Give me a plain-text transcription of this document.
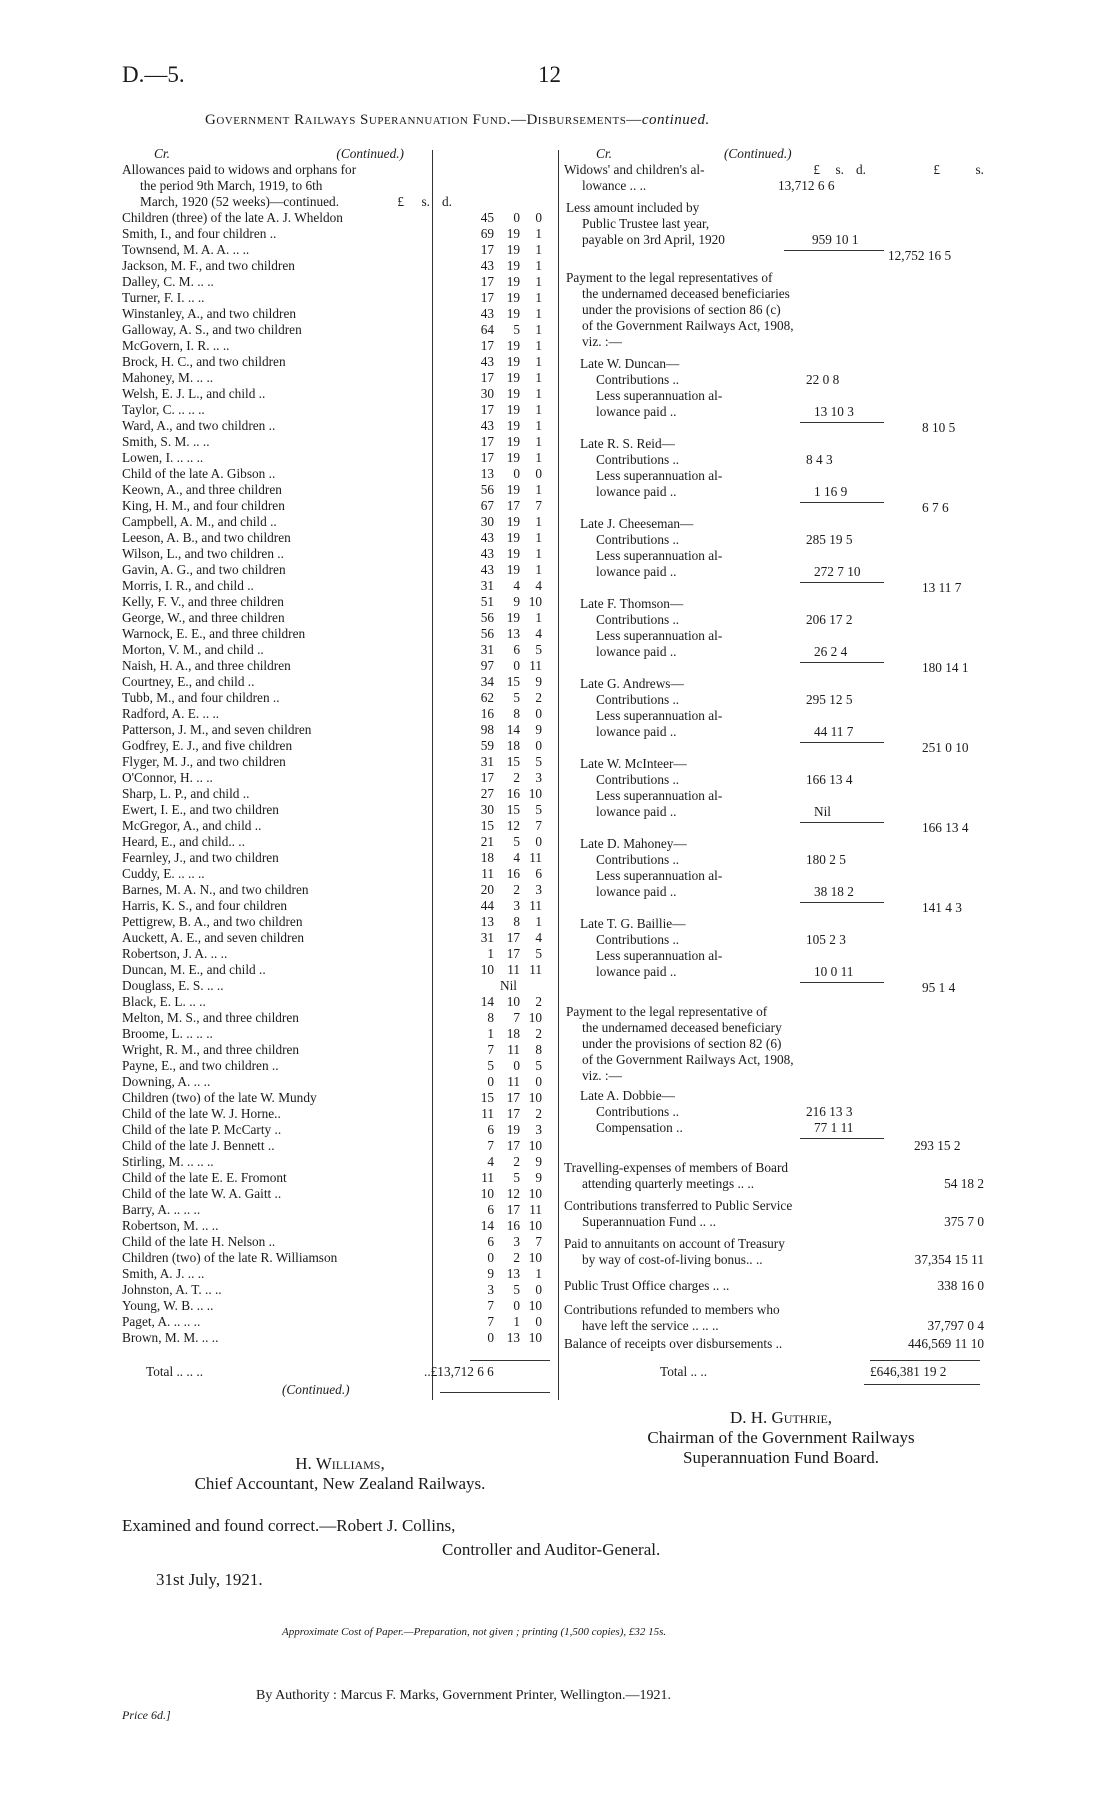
D.—5.	12
Government Railways Superannuation Fund.—Disbursements—continued.
Cr.	(Continued.)
Allowances paid to widows and orphans for
the period 9th March, 1919, to 6th
March, 1920 (52 weeks)—continued.	£ s. d.
Children (three) of the late A. J. Wheldon	45 0 0
Smith, I., and four children ..	69 19 1
Townsend, M. A. A. .. ..	17 19 1
Jackson, M. F., and two children	43 19 1
Dalley, C. M. .. ..	17 19 1
Turner, F. I. .. ..	17 19 1
Winstanley, A., and two children	43 19 1
Galloway, A. S., and two children	64 5 1
McGovern, I. R. .. ..	17 19 1
Brock, H. C., and two children	43 19 1
Mahoney, M. .. ..	17 19 1
Welsh, E. J. L., and child ..	30 19 1
Taylor, C. .. .. ..	17 19 1
Ward, A., and two children ..	43 19 1
Smith, S. M. .. ..	17 19 1
Lowen, I. .. .. ..	17 19 1
Child of the late A. Gibson ..	13 0 0
Keown, A., and three children	56 19 1
King, H. M., and four children	67 17 7
Campbell, A. M., and child ..	30 19 1
Leeson, A. B., and two children	43 19 1
Wilson, L., and two children ..	43 19 1
Gavin, A. G., and two children	43 19 1
Morris, I. R., and child ..	31 4 4
Kelly, F. V., and three children	51 9 10
George, W., and three children	56 19 1
Warnock, E. E., and three children	56 13 4
Morton, V. M., and child ..	31 6 5
Naish, H. A., and three children	97 0 11
Courtney, E., and child ..	34 15 9
Tubb, M., and four children ..	62 5 2
Radford, A. E. .. ..	16 8 0
Patterson, J. M., and seven children	98 14 9
Godfrey, E. J., and five children	59 18 0
Flyger, M. J., and two children	31 15 5
O'Connor, H. .. ..	17 2 3
Sharp, L. P., and child ..	27 16 10
Ewert, I. E., and two children	30 15 5
McGregor, A., and child ..	15 12 7
Heard, E., and child.. ..	21 5 0
Fearnley, J., and two children	18 4 11
Cuddy, E. .. .. ..	11 16 6
Barnes, M. A. N., and two children	20 2 3
Harris, K. S., and four children	44 3 11
Pettigrew, B. A., and two children	13 8 1
Auckett, A. E., and seven children	31 17 4
Robertson, J. A. .. ..	1 17 5
Duncan, M. E., and child ..	10 11 11
Douglass, E. S. .. ..	Nil
Black, E. L. .. ..	14 10 2
Melton, M. S., and three children	8 7 10
Broome, L. .. .. ..	1 18 2
Wright, R. M., and three children	7 11 8
Payne, E., and two children ..	5 0 5
Downing, A. .. ..	0 11 0
Children (two) of the late W. Mundy	15 17 10
Child of the late W. J. Horne..	11 17 2
Child of the late P. McCarty ..	6 19 3
Child of the late J. Bennett ..	7 17 10
Stirling, M. .. .. ..	4 2 9
Child of the late E. E. Fromont	11 5 9
Child of the late W. A. Gaitt ..	10 12 10
Barry, A. .. .. ..	6 17 11
Robertson, M. .. ..	14 16 10
Child of the late H. Nelson ..	6 3 7
Children (two) of the late R. Williamson	0 2 10
Smith, A. J. .. ..	9 13 1
Johnston, A. T. .. ..	3 5 0
Young, W. B. .. ..	7 0 10
Paget, A. .. .. ..	7 1 0
Brown, M. M. .. ..	0 13 10
Total .. .. ..	..£13,712 6 6
(Continued.)
Cr.	(Continued.)
£ s. d.	£	s.
Widows' and children's al-
lowance .. ..	13,712 6 6
Less amount included by
Public Trustee last year,
payable on 3rd April, 1920	959 10 1
12,752 16 5
Payment to the legal representatives of
the undernamed deceased beneficiaries
under the provisions of section 86 (c)
of the Government Railways Act, 1908,
viz. :—
Late W. Duncan—
Contributions ..	22 0 8
Less superannuation al-
lowance paid ..	13 10 3
8 10 5
Late R. S. Reid—
Contributions ..	8 4 3
Less superannuation al-
lowance paid ..	1 16 9
6 7 6
Late J. Cheeseman—
Contributions ..	285 19 5
Less superannuation al-
lowance paid ..	272 7 10
13 11 7
Late F. Thomson—
Contributions ..	206 17 2
Less superannuation al-
lowance paid ..	26 2 4
180 14 1
Late G. Andrews—
Contributions ..	295 12 5
Less superannuation al-
lowance paid ..	44 11 7
251 0 10
Late W. McInteer—
Contributions ..	166 13 4
Less superannuation al-
lowance paid ..	Nil
166 13 4
Late D. Mahoney—
Contributions ..	180 2 5
Less superannuation al-
lowance paid ..	38 18 2
141 4 3
Late T. G. Baillie—
Contributions ..	105 2 3
Less superannuation al-
lowance paid ..	10 0 11
95 1 4
Payment to the legal representative of
the undernamed deceased beneficiary
under the provisions of section 82 (6)
of the Government Railways Act, 1908,
viz. :—
Late A. Dobbie—
Contributions ..	216 13 3
Compensation ..	77 1 11
293 15 2
Travelling-expenses of members of Board
attending quarterly meetings .. ..	54 18 2
Contributions transferred to Public Service
Superannuation Fund .. ..	375 7 0
Paid to annuitants on account of Treasury
by way of cost-of-living bonus.. ..	37,354 15 11
Public Trust Office charges .. ..	338 16 0
Contributions refunded to members who
have left the service .. .. ..	37,797 0 4
Balance of receipts over disbursements ..	446,569 11 10
Total .. ..	£646,381 19 2
D. H. Guthrie,
Chairman of the Government Railways
Superannuation Fund Board.
H. Williams,
Chief Accountant, New Zealand Railways.
Examined and found correct.—Robert J. Collins,
Controller and Auditor-General.
31st July, 1921.
Approximate Cost of Paper.—Preparation, not given ; printing (1,500 copies), £32 15s.
By Authority : Marcus F. Marks, Government Printer, Wellington.—1921.
Price 6d.]
